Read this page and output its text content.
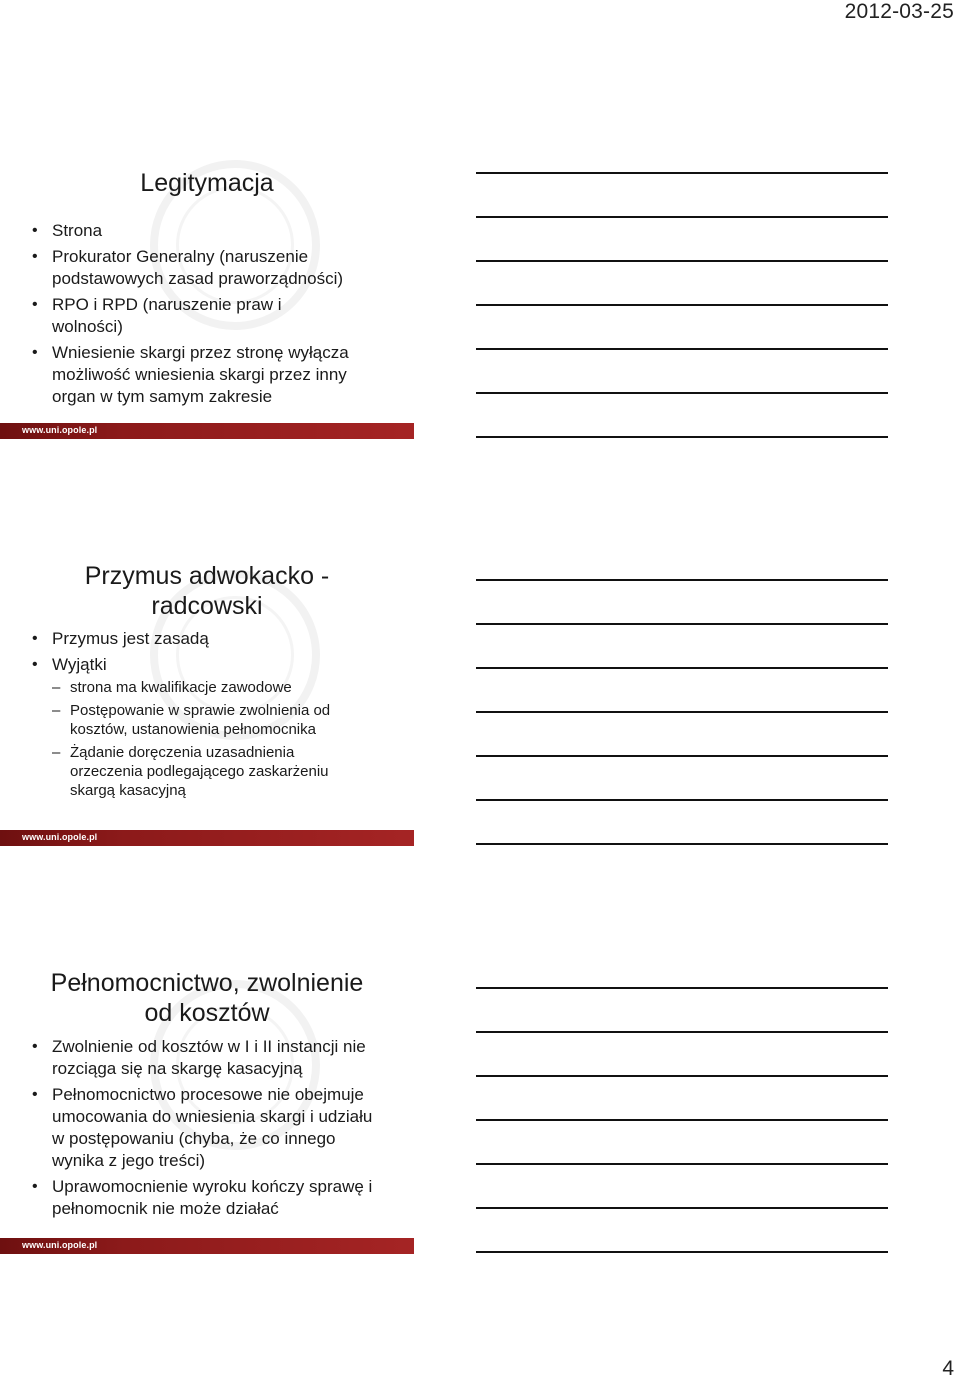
2012-03-25
Legitymacja
• Strona
• Prokurator Generalny (naruszenie podstawowych zasad praworządności)
• RPO i RPD (naruszenie praw i wolności)
• Wniesienie skargi przez stronę wyłącza możliwość wniesienia skargi przez inny organ w tym samym zakresie
www.uni.opole.pl
Przymus adwokacko - radcowski
• Przymus jest zasadą
• Wyjątki
– strona ma kwalifikacje zawodowe
– Postępowanie w sprawie zwolnienia od kosztów, ustanowienia pełnomocnika
– Żądanie doręczenia uzasadnienia orzeczenia podlegającego zaskarżeniu skargą kasacyjną
www.uni.opole.pl
Pełnomocnictwo, zwolnienie od kosztów
• Zwolnienie od kosztów w I i II instancji nie rozciąga się na skargę kasacyjną
• Pełnomocnictwo procesowe nie obejmuje umocowania do wniesienia skargi i udziału w postępowaniu (chyba, że co innego wynika z jego treści)
• Uprawomocnienie wyroku kończy sprawę i pełnomocnik nie może działać
www.uni.opole.pl
4
